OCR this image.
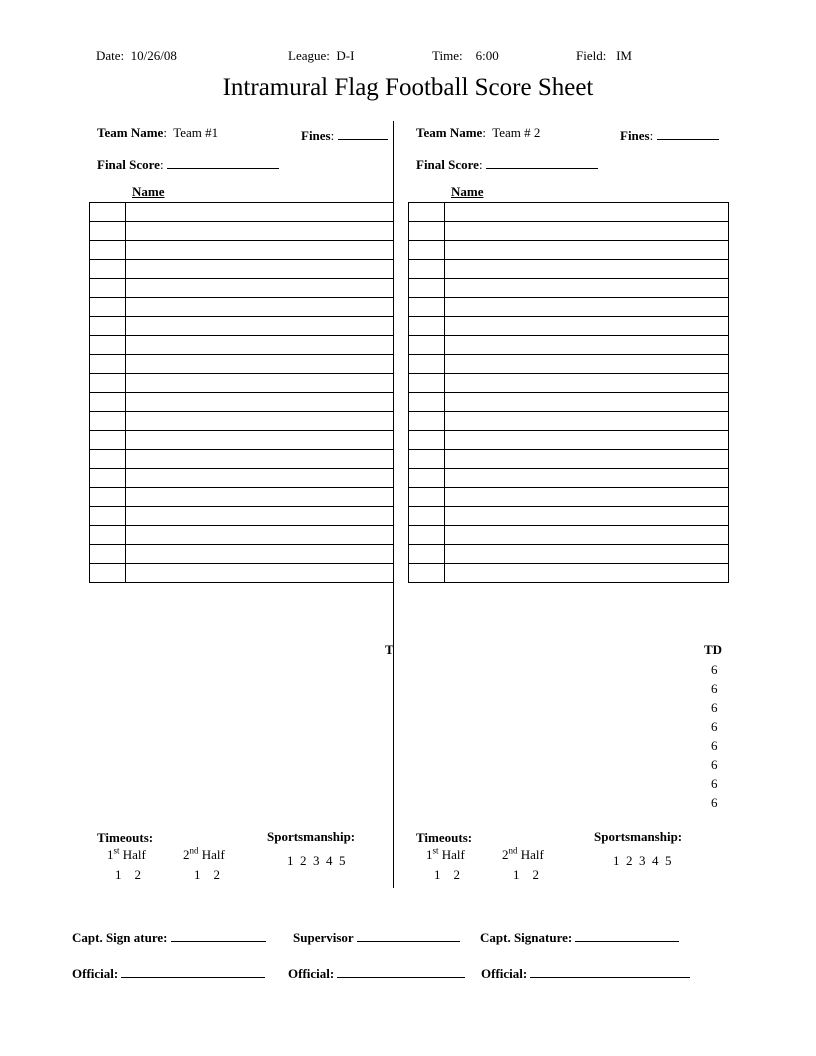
Date: 10/26/08	League: D-I	Time: 6:00	Field: IM
Intramural Flag Football Score Sheet
Team Name: Team #1	Fines:
Final Score:
Name

Team Name: Team # 2	Fines:
Final Score:
Name

T	TD
6
6
6
6
6
6
6
6
Timeouts:
1st Half	2nd Half
1    2	1    2
Sportsmanship:
1  2  3  4  5
Timeouts:
1st Half	2nd Half
1    2	1    2
Sportsmanship:
1  2  3  4  5
Capt. Sign ature:	Supervisor	Capt. Signature:
Official:	Official:	Official:
